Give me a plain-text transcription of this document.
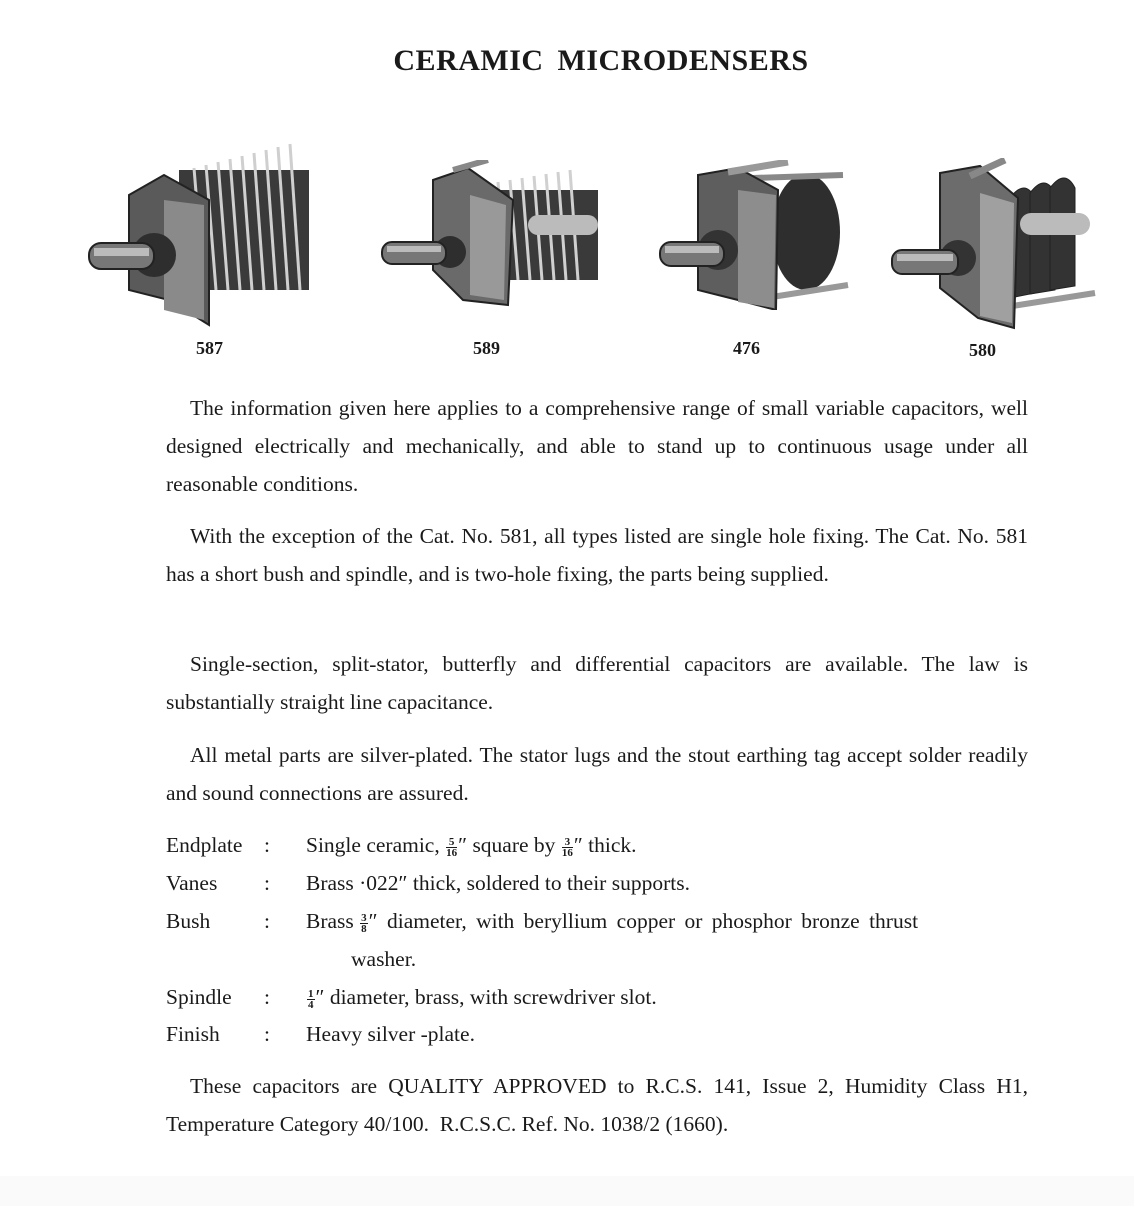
CERAMIC MICRODENSERS
587	589	476	580

The information given here applies to a comprehensive range of small variable capacitors, well designed electrically and mechanically, and able to stand up to continuous usage under all reasonable conditions.

With the exception of the Cat. No. 581, all types listed are single hole fixing. The Cat. No. 581 has a short bush and spindle, and is two-hole fixing, the parts being supplied.

Single-section, split-stator, butterfly and differential capacitors are available. The law is substantially straight line capacitance.

All metal parts are silver-plated. The stator lugs and the stout earthing tag accept solder readily and sound connections are assured.

Endplate : Single ceramic, $\frac{5}{16}$ ″ square by $\frac{3}{16}$ ″ thick.
Vanes : Brass ·022″ thick, soldered to their supports.
Bush	: Brass $\frac{3}{8}$ ″ diameter, with beryllium copper or phosphor bronze thrust
washer.
Spindle :	$\frac{1}{4}$ ″ diameter, brass, with screwdriver slot.
Finish : Heavy silver -plate.

These capacitors are QUALITY APPROVED to R.C.S. 141, Issue 2, Humidity Class H1, Temperature Category 40/100.  R.C.S.C. Ref. No. 1038/2 (1660).
